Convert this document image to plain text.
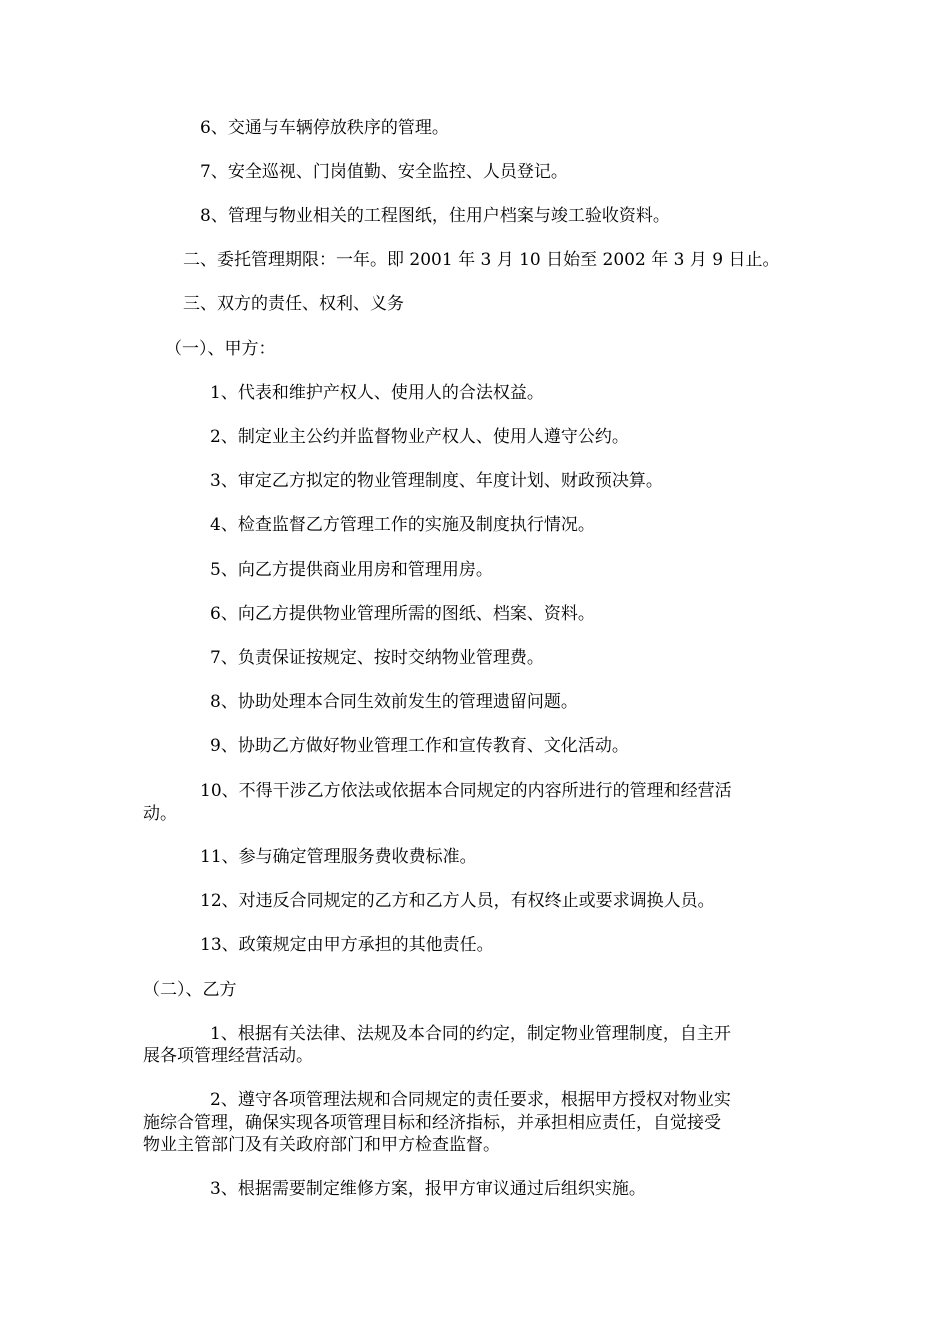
6、交通与车辆停放秩序的管理。
7、安全巡视、门岗值勤、安全监控、人员登记。
8、管理与物业相关的工程图纸，住用户档案与竣工验收资料。
二、委托管理期限：一年。即 2001 年 3 月 10 日始至 2002 年 3 月 9 日止。
三、双方的责任、权利、义务
（一）、甲方：
1、代表和维护产权人、使用人的合法权益。
2、制定业主公约并监督物业产权人、使用人遵守公约。
3、审定乙方拟定的物业管理制度、年度计划、财政预决算。
4、检查监督乙方管理工作的实施及制度执行情况。
5、向乙方提供商业用房和管理用房。
6、向乙方提供物业管理所需的图纸、档案、资料。
7、负责保证按规定、按时交纳物业管理费。
8、协助处理本合同生效前发生的管理遗留问题。
9、协助乙方做好物业管理工作和宣传教育、文化活动。
10、不得干涉乙方依法或依据本合同规定的内容所进行的管理和经营活
动。
11、参与确定管理服务费收费标准。
12、对违反合同规定的乙方和乙方人员，有权终止或要求调换人员。
13、政策规定由甲方承担的其他责任。
（二）、乙方
1、根据有关法律、法规及本合同的约定，制定物业管理制度，自主开
展各项管理经营活动。
2、遵守各项管理法规和合同规定的责任要求，根据甲方授权对物业实
施综合管理，确保实现各项管理目标和经济指标，并承担相应责任，自觉接受
物业主管部门及有关政府部门和甲方检查监督。
3、根据需要制定维修方案，报甲方审议通过后组织实施。
